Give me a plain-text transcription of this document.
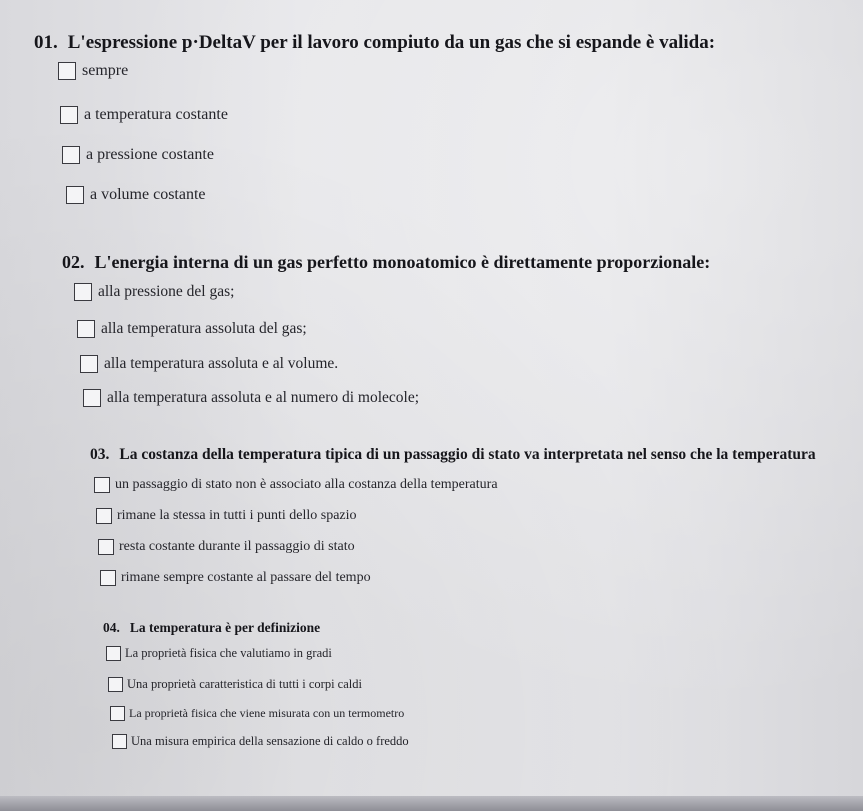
01. L'espressione p·DeltaV per il lavoro compiuto da un gas che si espande è valida:
sempre
a temperatura costante
a pressione costante
a volume costante
02. L'energia interna di un gas perfetto monoatomico è direttamente proporzionale:
alla pressione del gas;
alla temperatura assoluta del gas;
alla temperatura assoluta e al volume.
alla temperatura assoluta e al numero di molecole;
03. La costanza della temperatura tipica di un passaggio di stato va interpretata nel senso che la temperatura
un passaggio di stato non è associato alla costanza della temperatura
rimane la stessa in tutti i punti dello spazio
resta costante durante il passaggio di stato
rimane sempre costante al passare del tempo
04. La temperatura è per definizione
La proprietà fisica che valutiamo in gradi
Una proprietà caratteristica di tutti i corpi caldi
La proprietà fisica che viene misurata con un termometro
Una misura empirica della sensazione di caldo o freddo
